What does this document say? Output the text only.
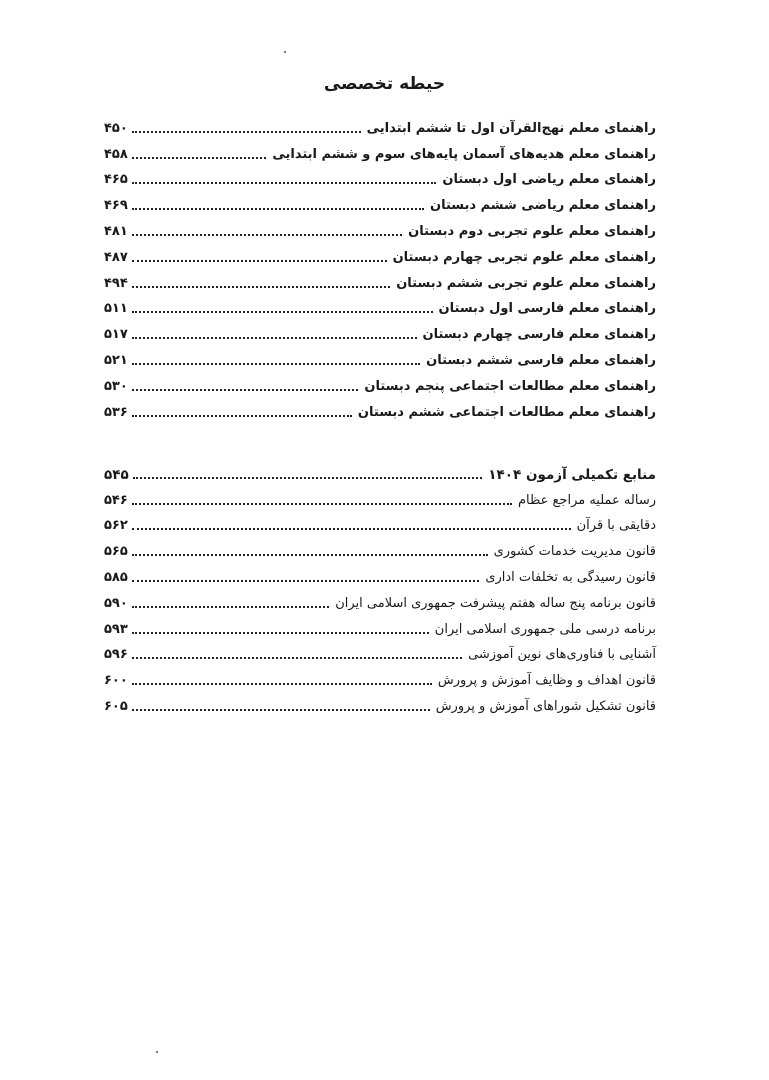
حیطه تخصصی
راهنمای معلم نهج‌القرآن اول تا ششم ابتدایی
۴۵۰
راهنمای معلم هدیه‌های آسمان پایه‌های سوم و ششم ابتدایی
۴۵۸
راهنمای معلم ریاضی اول دبستان
۴۶۵
راهنمای معلم ریاضی ششم دبستان
۴۶۹
راهنمای معلم علوم تجربی دوم دبستان
۴۸۱
راهنمای معلم علوم تجربی چهارم دبستان
۴۸۷
راهنمای معلم علوم تجربی ششم دبستان
۴۹۴
راهنمای معلم فارسی اول دبستان
۵۱۱
راهنمای معلم فارسی چهارم دبستان
۵۱۷
راهنمای معلم فارسی ششم دبستان
۵۲۱
راهنمای معلم مطالعات اجتماعی پنجم دبستان
۵۳۰
راهنمای معلم مطالعات اجتماعی ششم دبستان
۵۳۶
منابع تکمیلی آزمون ۱۴۰۴
۵۴۵
رساله عملیه مراجع عظام
۵۴۶
دقایقی با قرآن
۵۶۲
قانون مدیریت خدمات کشوری
۵۶۵
قانون رسیدگی به تخلفات اداری
۵۸۵
قانون برنامه پنج ساله هفتم پیشرفت جمهوری اسلامی ایران
۵۹۰
برنامه درسی ملی جمهوری اسلامی ایران
۵۹۳
آشنایی با فناوری‌های نوین آموزشی
۵۹۶
قانون اهداف و وظایف آموزش و پرورش
۶۰۰
قانون تشکیل شوراهای آموزش و پرورش
۶۰۵
